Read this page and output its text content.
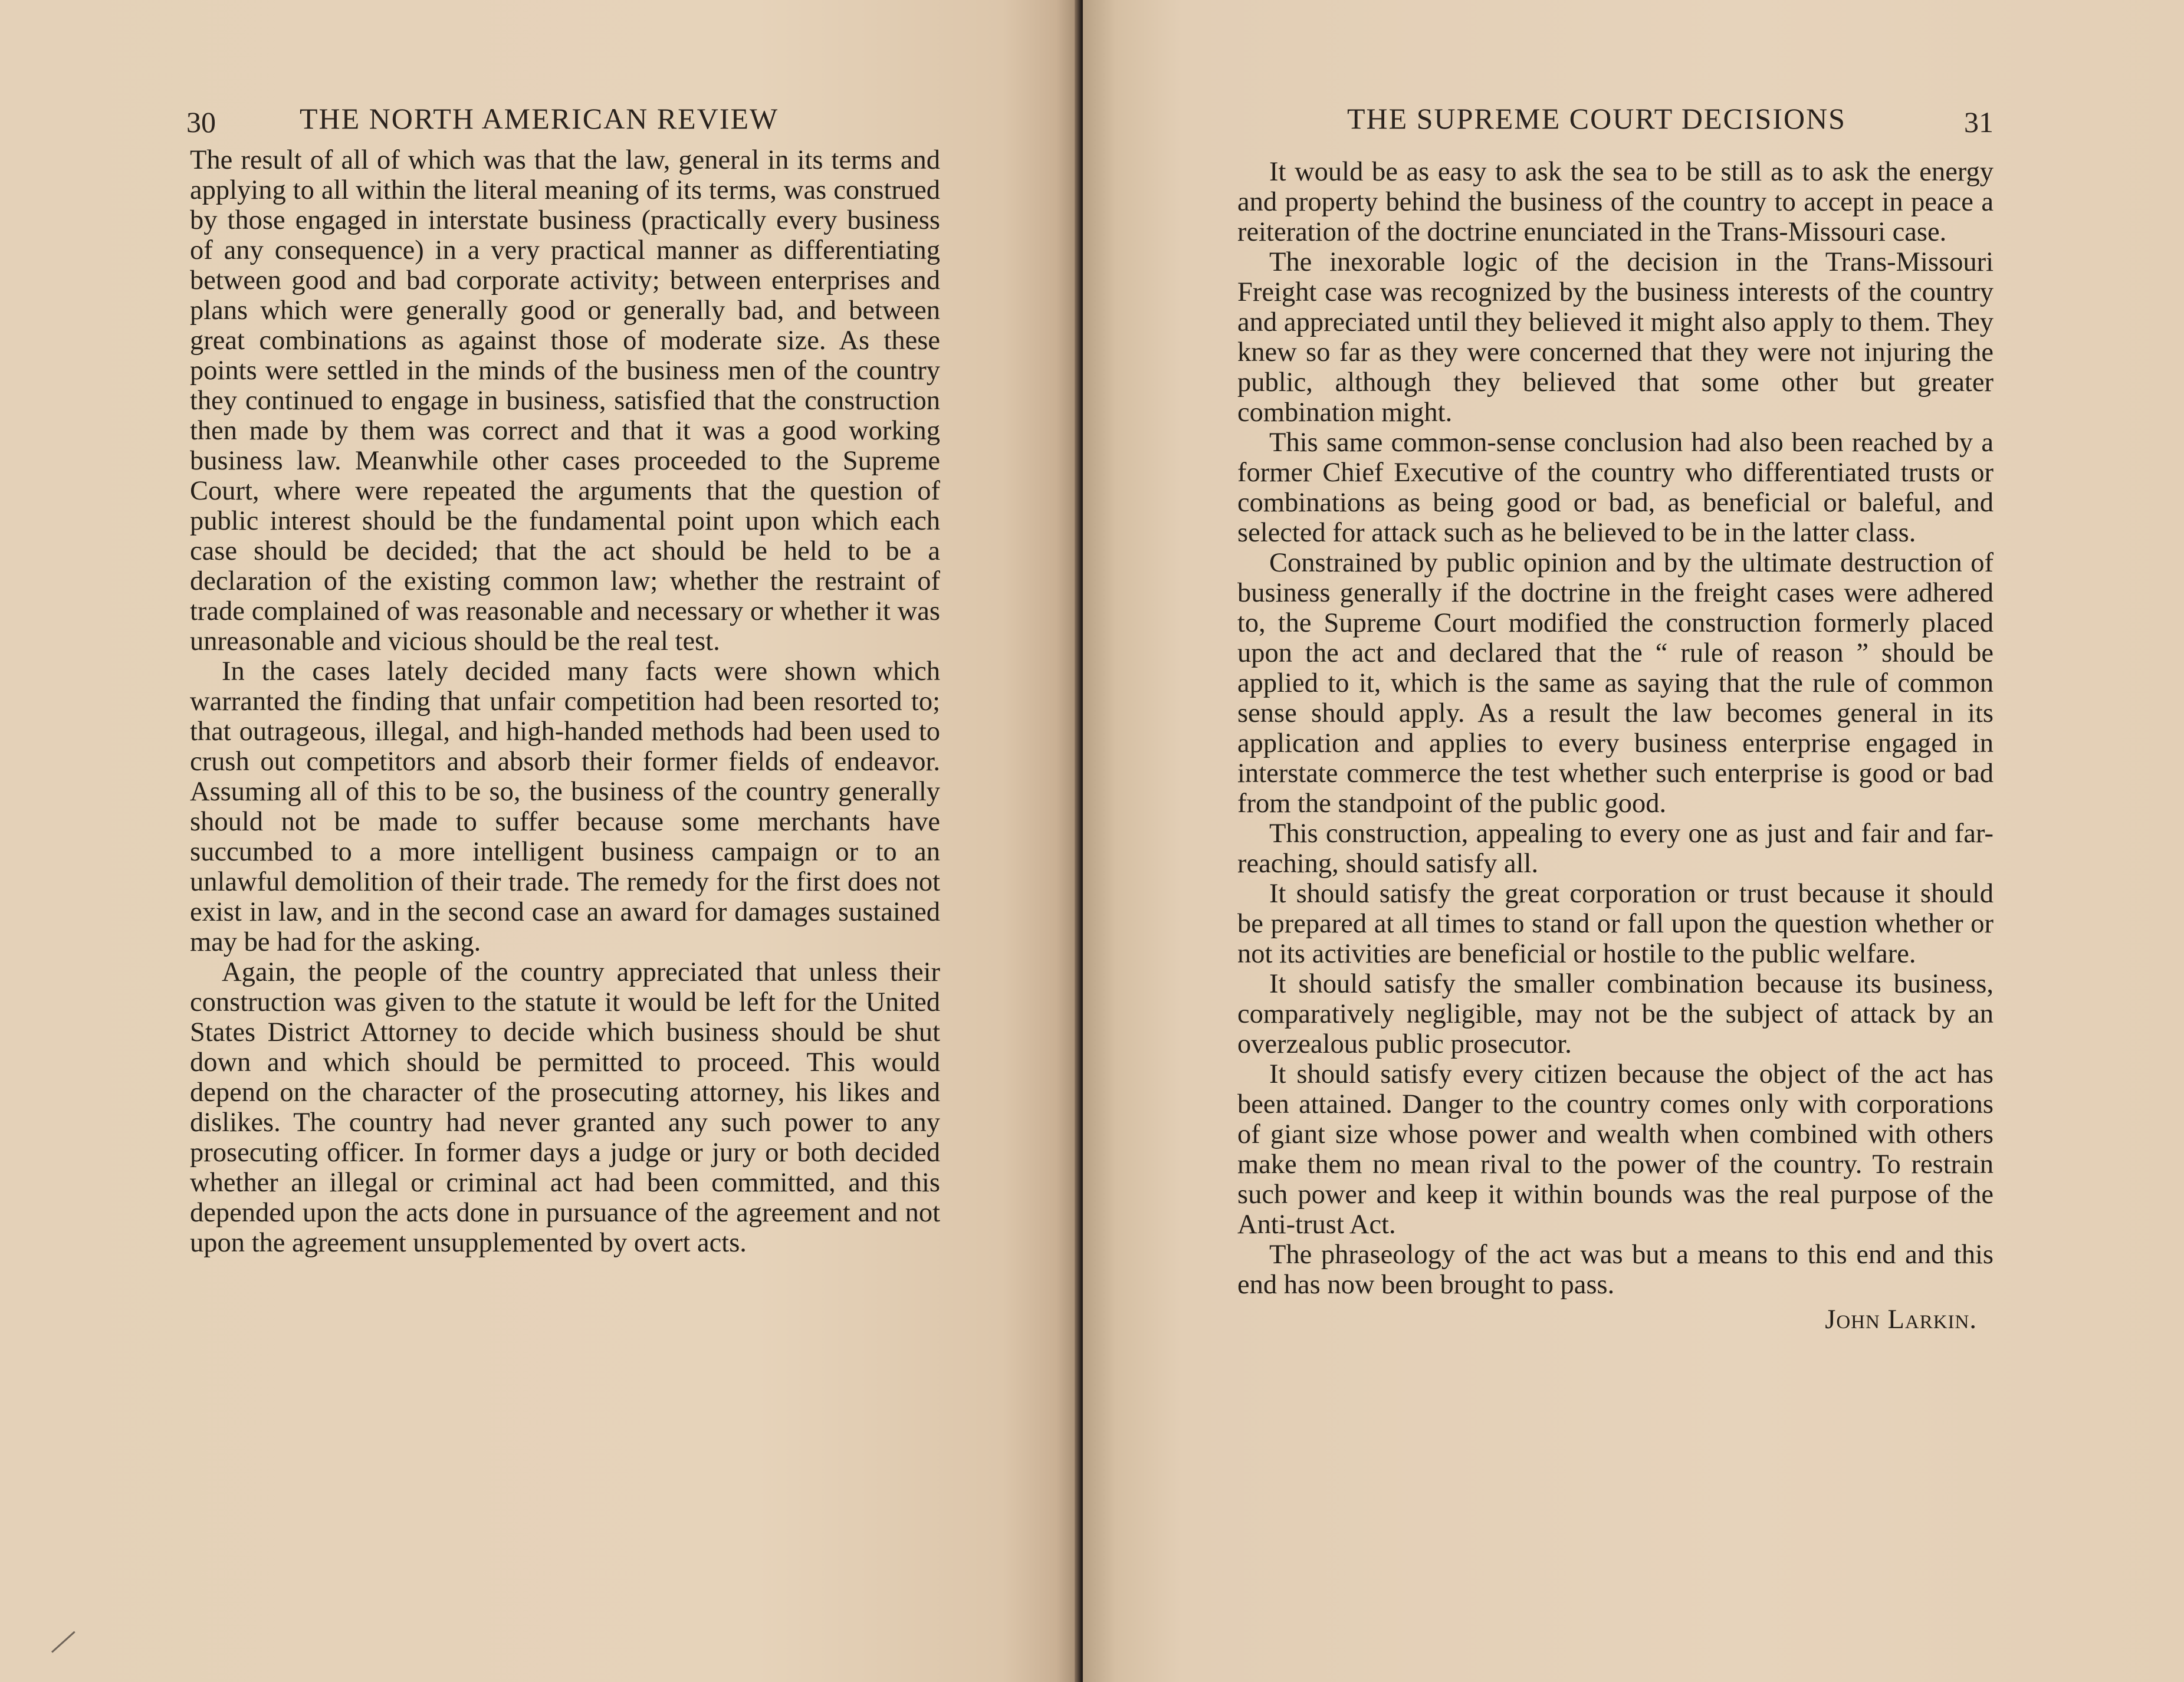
30	THE NORTH AMERICAN REVIEW

The result of all of which was that the law, general in its terms and applying to all within the literal meaning of its terms, was construed by those engaged in interstate business (practically every business of any consequence) in a very practical manner as differentiating between good and bad corporate activity; between enterprises and plans which were generally good or generally bad, and between great combinations as against those of moderate size. As these points were settled in the minds of the business men of the country they continued to engage in business, satisfied that the construction then made by them was correct and that it was a good working business law. Meanwhile other cases proceeded to the Supreme Court, where were repeated the arguments that the question of public interest should be the fundamental point upon which each case should be decided; that the act should be held to be a declaration of the existing common law; whether the restraint of trade complained of was reasonable and necessary or whether it was unreasonable and vicious should be the real test.

In the cases lately decided many facts were shown which warranted the finding that unfair competition had been resorted to; that outrageous, illegal, and high-handed methods had been used to crush out competitors and absorb their former fields of endeavor. Assuming all of this to be so, the business of the country generally should not be made to suffer because some merchants have succumbed to a more intelligent business campaign or to an unlawful demolition of their trade. The remedy for the first does not exist in law, and in the second case an award for damages sustained may be had for the asking.

Again, the people of the country appreciated that unless their construction was given to the statute it would be left for the United States District Attorney to decide which business should be shut down and which should be permitted to proceed. This would depend on the character of the prosecuting attorney, his likes and dislikes. The country had never granted any such power to any prosecuting officer. In former days a judge or jury or both decided whether an illegal or criminal act had been committed, and this depended upon the acts done in pursuance of the agreement and not upon the agreement unsupplemented by overt acts.

THE SUPREME COURT DECISIONS	31

It would be as easy to ask the sea to be still as to ask the energy and property behind the business of the country to accept in peace a reiteration of the doctrine enunciated in the Trans-Missouri case.

The inexorable logic of the decision in the Trans-Missouri Freight case was recognized by the business interests of the country and appreciated until they believed it might also apply to them. They knew so far as they were concerned that they were not injuring the public, although they believed that some other but greater combination might.

This same common-sense conclusion had also been reached by a former Chief Executive of the country who differentiated trusts or combinations as being good or bad, as beneficial or baleful, and selected for attack such as he believed to be in the latter class.

Constrained by public opinion and by the ultimate destruction of business generally if the doctrine in the freight cases were adhered to, the Supreme Court modified the construction formerly placed upon the act and declared that the “ rule of reason ” should be applied to it, which is the same as saying that the rule of common sense should apply. As a result the law becomes general in its application and applies to every business enterprise engaged in interstate commerce the test whether such enterprise is good or bad from the standpoint of the public good.

This construction, appealing to every one as just and fair and far-reaching, should satisfy all.

It should satisfy the great corporation or trust because it should be prepared at all times to stand or fall upon the question whether or not its activities are beneficial or hostile to the public welfare.

It should satisfy the smaller combination because its business, comparatively negligible, may not be the subject of attack by an overzealous public prosecutor.

It should satisfy every citizen because the object of the act has been attained. Danger to the country comes only with corporations of giant size whose power and wealth when combined with others make them no mean rival to the power of the country. To restrain such power and keep it within bounds was the real purpose of the Anti-trust Act.

The phraseology of the act was but a means to this end and this end has now been brought to pass.

John Larkin.
